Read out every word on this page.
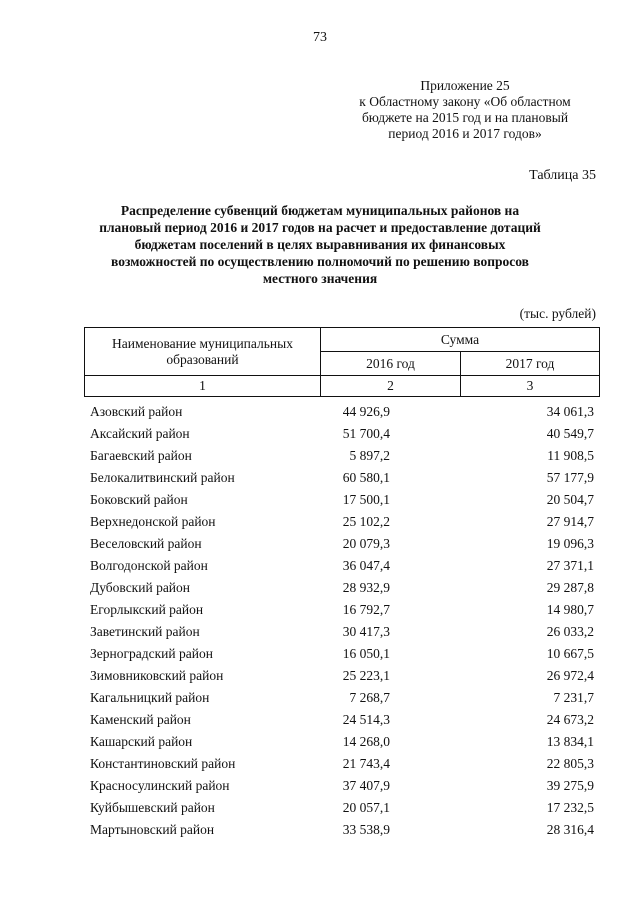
73
Приложение 25
к Областному закону «Об областном
бюджете на 2015 год и на плановый
период 2016 и 2017 годов»
Таблица 35
Распределение субвенций бюджетам муниципальных районов на
плановый период 2016 и 2017 годов на расчет и предоставление дотаций
бюджетам поселений в целях выравнивания их финансовых
возможностей по осуществлению полномочий по решению вопросов
местного значения
(тыс. рублей)
Наименование муниципальных
образований
Сумма
2016 год	2017 год
1	2	3
Азовский район	44 926,9	34 061,3
Аксайский район	51 700,4	40 549,7
Багаевский район	5 897,2	11 908,5
Белокалитвинский район	60 580,1	57 177,9
Боковский район	17 500,1	20 504,7
Верхнедонской район	25 102,2	27 914,7
Веселовский район	20 079,3	19 096,3
Волгодонской район	36 047,4	27 371,1
Дубовский район	28 932,9	29 287,8
Егорлыкский район	16 792,7	14 980,7
Заветинский район	30 417,3	26 033,2
Зерноградский район	16 050,1	10 667,5
Зимовниковский район	25 223,1	26 972,4
Кагальницкий район	7 268,7	7 231,7
Каменский район	24 514,3	24 673,2
Кашарский район	14 268,0	13 834,1
Константиновский район	21 743,4	22 805,3
Красносулинский район	37 407,9	39 275,9
Куйбышевский район	20 057,1	17 232,5
Мартыновский район	33 538,9	28 316,4
